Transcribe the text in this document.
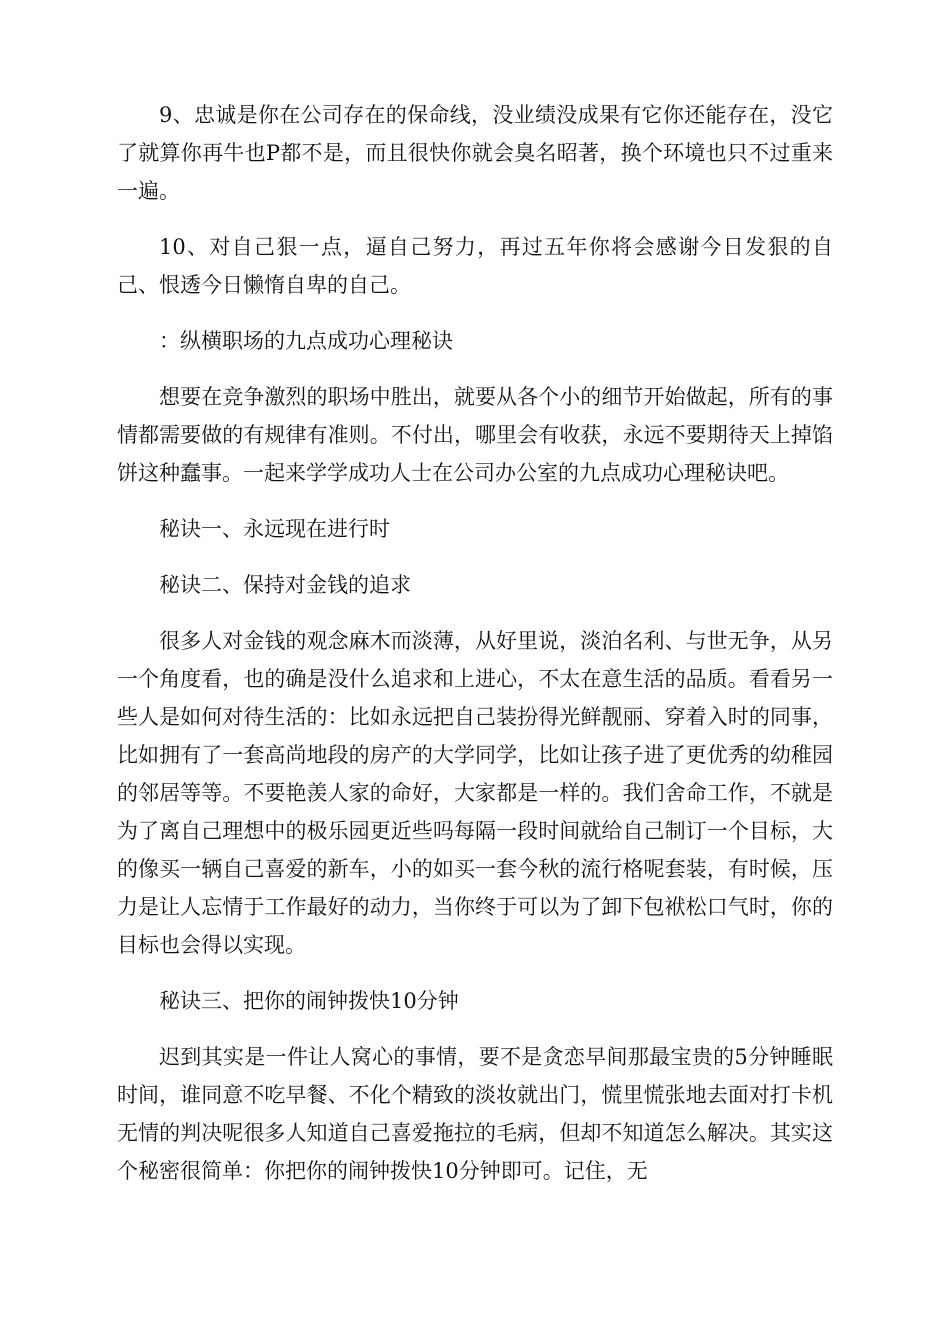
9、忠诚是你在公司存在的保命线，没业绩没成果有它你还能存在，没它了就算你再牛也P都不是，而且很快你就会臭名昭著，换个环境也只不过重来一遍。

10、对自己狠一点，逼自己努力，再过五年你将会感谢今日发狠的自己、恨透今日懒惰自卑的自己。

：纵横职场的九点成功心理秘诀

想要在竞争激烈的职场中胜出，就要从各个小的细节开始做起，所有的事情都需要做的有规律有准则。不付出，哪里会有收获，永远不要期待天上掉馅饼这种蠢事。一起来学学成功人士在公司办公室的九点成功心理秘诀吧。

秘诀一、永远现在进行时

秘诀二、保持对金钱的追求

很多人对金钱的观念麻木而淡薄，从好里说，淡泊名利、与世无争，从另一个角度看，也的确是没什么追求和上进心，不太在意生活的品质。看看另一些人是如何对待生活的：比如永远把自己装扮得光鲜靓丽、穿着入时的同事，比如拥有了一套高尚地段的房产的大学同学，比如让孩子进了更优秀的幼稚园的邻居等等。不要艳羡人家的命好，大家都是一样的。我们舍命工作，不就是为了离自己理想中的极乐园更近些吗每隔一段时间就给自己制订一个目标，大的像买一辆自己喜爱的新车，小的如买一套今秋的流行格呢套装，有时候，压力是让人忘情于工作最好的动力，当你终于可以为了卸下包袱松口气时，你的目标也会得以实现。

秘诀三、把你的闹钟拨快10分钟

迟到其实是一件让人窝心的事情，要不是贪恋早间那最宝贵的5分钟睡眠时间，谁同意不吃早餐、不化个精致的淡妆就出门，慌里慌张地去面对打卡机无情的判决呢很多人知道自己喜爱拖拉的毛病，但却不知道怎么解决。其实这个秘密很简单：你把你的闹钟拨快10分钟即可。记住，无
